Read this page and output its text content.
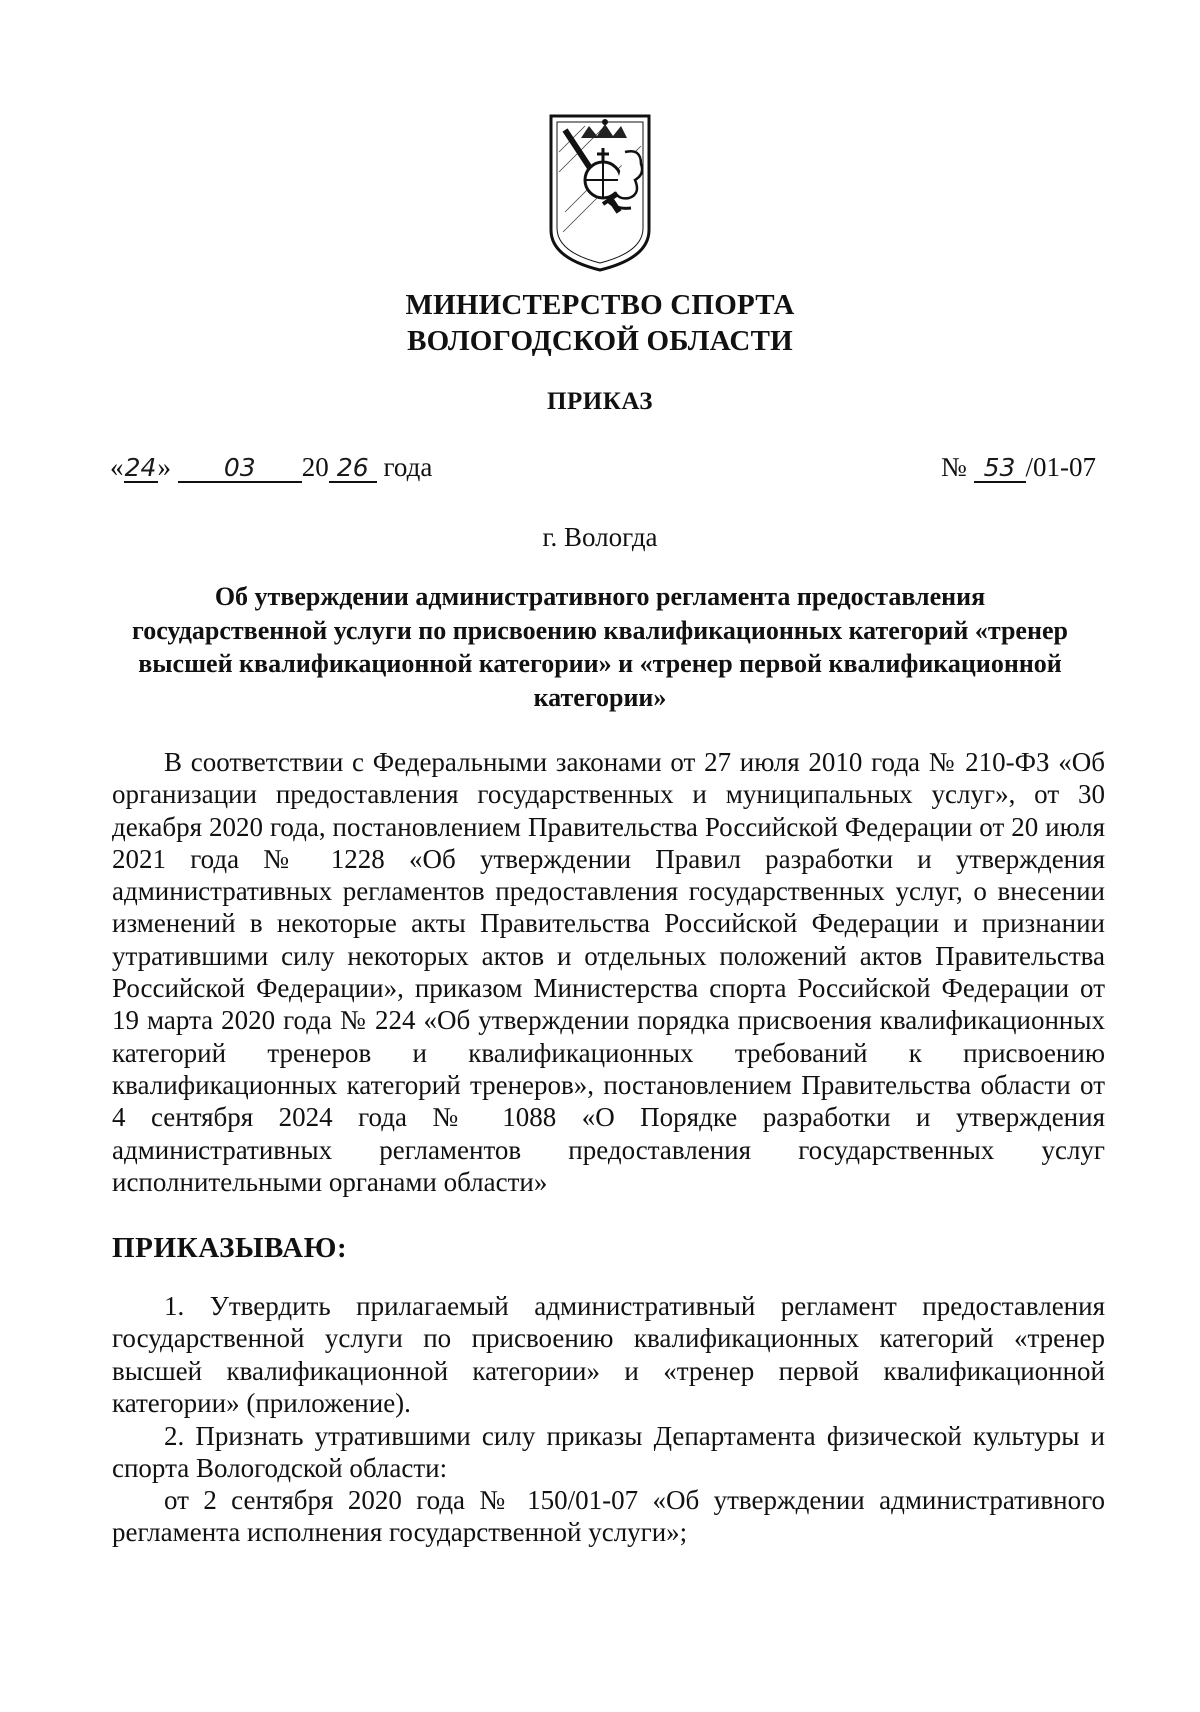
МИНИСТЕРСТВО СПОРТА
ВОЛОГОДСКОЙ ОБЛАСТИ
ПРИКАЗ
«24» 03 20 26 года	№ 53 /01-07
г. Вологда
Об утверждении административного регламента предоставления государственной услуги по присвоению квалификационных категорий «тренер высшей квалификационной категории» и «тренер первой квалификационной категории»
В соответствии с Федеральными законами от 27 июля 2010 года № 210-ФЗ «Об организации предоставления государственных и муниципальных услуг», от 30 декабря 2020 года, постановлением Правительства Российской Федерации от 20 июля 2021 года № 1228 «Об утверждении Правил разработки и утверждения административных регламентов предоставления государственных услуг, о внесении изменений в некоторые акты Правительства Российской Федерации и признании утратившими силу некоторых актов и отдельных положений актов Правительства Российской Федерации», приказом Министерства спорта Российской Федерации от 19 марта 2020 года № 224 «Об утверждении порядка присвоения квалификационных категорий тренеров и квалификационных требований к присвоению квалификационных категорий тренеров», постановлением Правительства области от 4 сентября 2024 года № 1088 «О Порядке разработки и утверждения административных регламентов предоставления государственных услуг исполнительными органами области»
ПРИКАЗЫВАЮ:
1. Утвердить прилагаемый административный регламент предоставления государственной услуги по присвоению квалификационных категорий «тренер высшей квалификационной категории» и «тренер первой квалификационной категории» (приложение).
2. Признать утратившими силу приказы Департамента физической культуры и спорта Вологодской области:
от 2 сентября 2020 года № 150/01-07 «Об утверждении административного регламента исполнения государственной услуги»;
